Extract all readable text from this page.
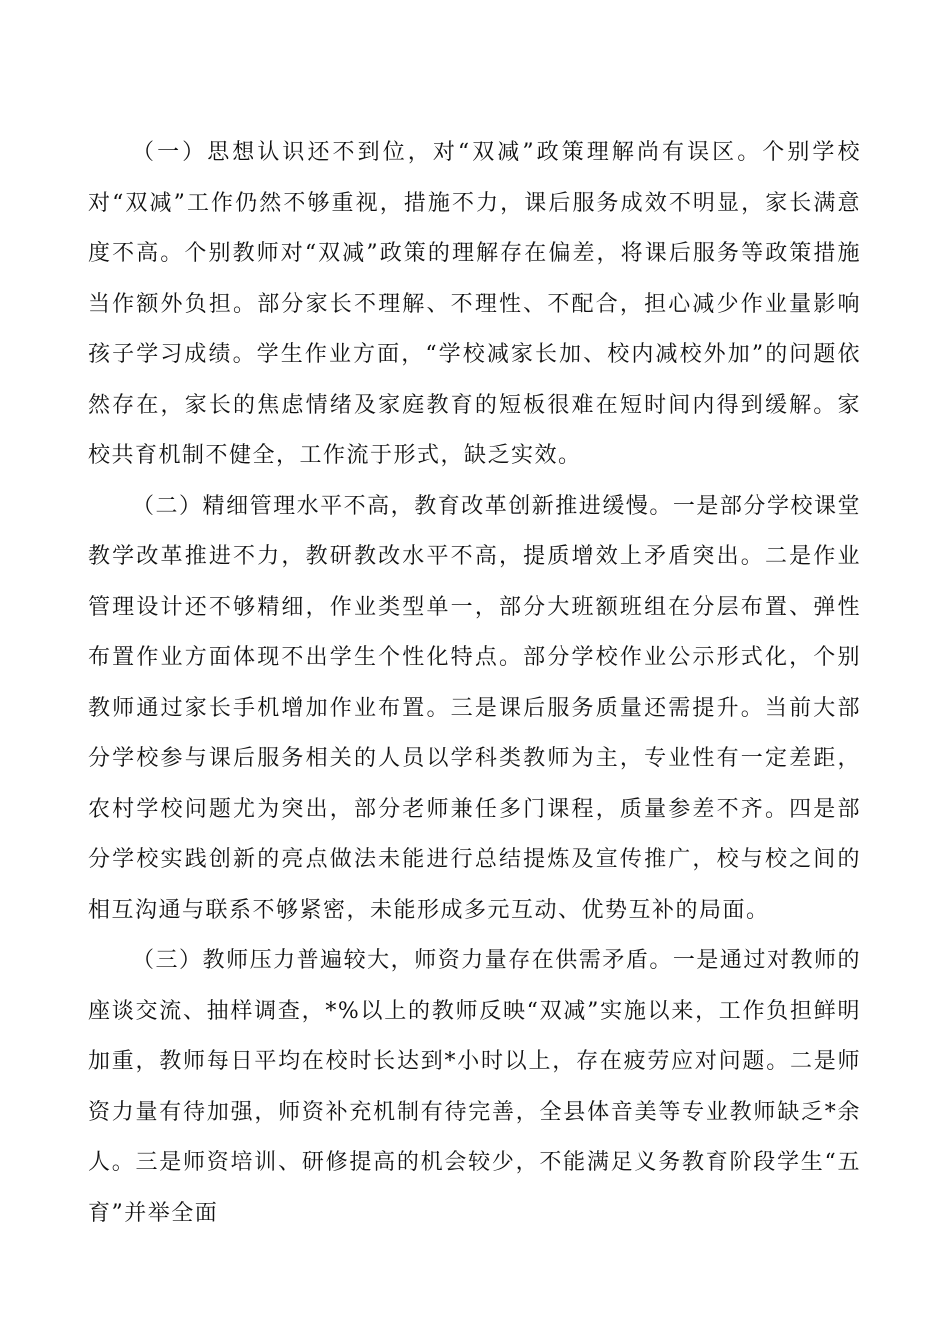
（一）思想认识还不到位，对“双减”政策理解尚有误区。个别学校对“双减”工作仍然不够重视，措施不力，课后服务成效不明显，家长满意度不高。个别教师对“双减”政策的理解存在偏差，将课后服务等政策措施当作额外负担。部分家长不理解、不理性、不配合，担心减少作业量影响孩子学习成绩。学生作业方面，“学校减家长加、校内减校外加”的问题依然存在，家长的焦虑情绪及家庭教育的短板很难在短时间内得到缓解。家校共育机制不健全，工作流于形式，缺乏实效。

（二）精细管理水平不高，教育改革创新推进缓慢。一是部分学校课堂教学改革推进不力，教研教改水平不高，提质增效上矛盾突出。二是作业管理设计还不够精细，作业类型单一，部分大班额班组在分层布置、弹性布置作业方面体现不出学生个性化特点。部分学校作业公示形式化，个别教师通过家长手机增加作业布置。三是课后服务质量还需提升。当前大部分学校参与课后服务相关的人员以学科类教师为主，专业性有一定差距，农村学校问题尤为突出，部分老师兼任多门课程，质量参差不齐。四是部分学校实践创新的亮点做法未能进行总结提炼及宣传推广，校与校之间的相互沟通与联系不够紧密，未能形成多元互动、优势互补的局面。

（三）教师压力普遍较大，师资力量存在供需矛盾。一是通过对教师的座谈交流、抽样调查，*%以上的教师反映“双减”实施以来，工作负担鲜明加重，教师每日平均在校时长达到*小时以上，存在疲劳应对问题。二是师资力量有待加强，师资补充机制有待完善，全县体音美等专业教师缺乏*余人。三是师资培训、研修提高的机会较少，不能满足义务教育阶段学生“五育”并举全面
